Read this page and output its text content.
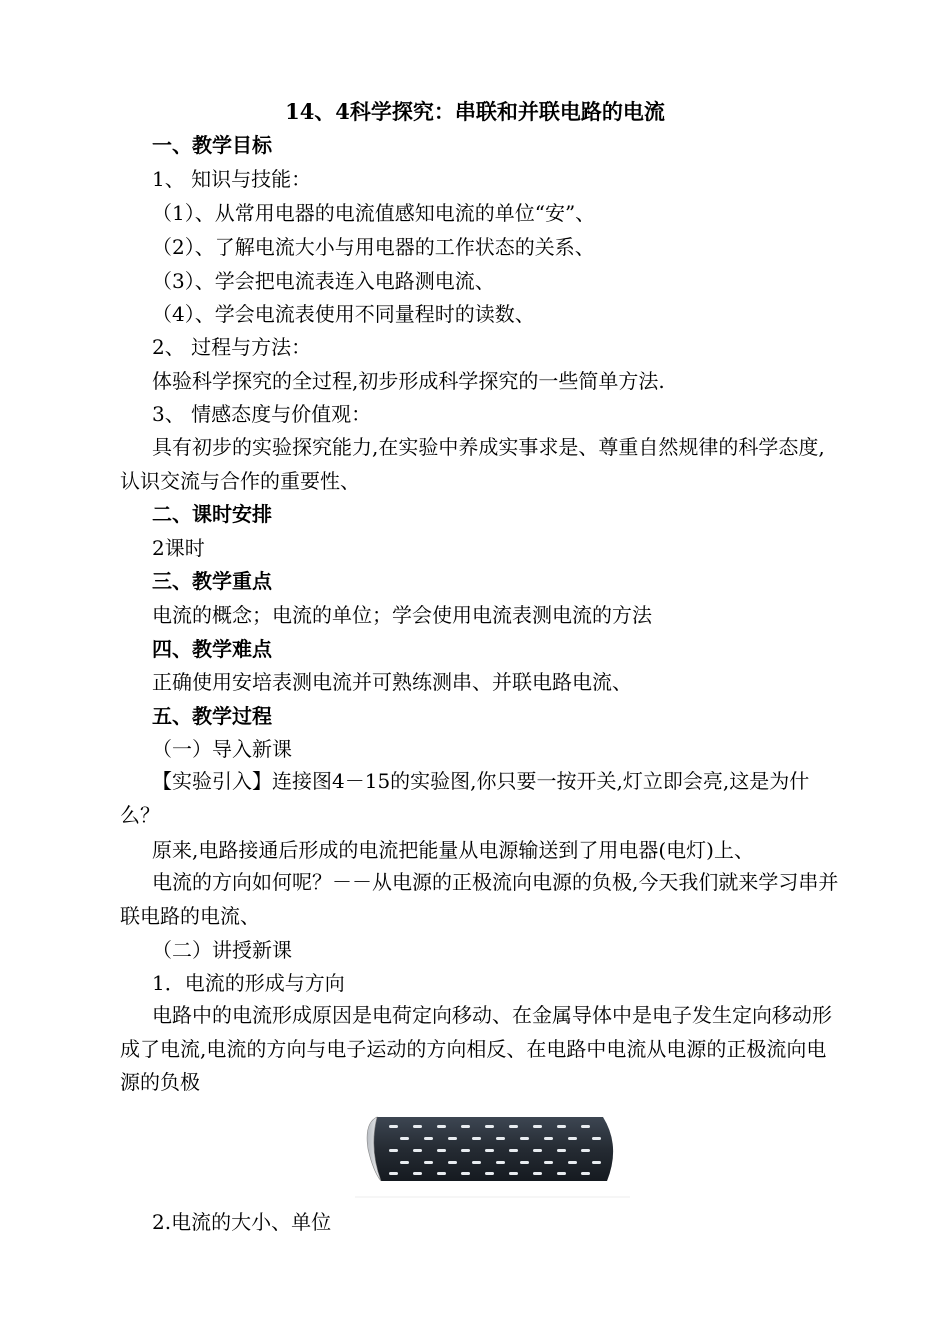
14、4科学探究：串联和并联电路的电流
一、教学目标
1、 知识与技能：
（1）、从常用电器的电流值感知电流的单位“安”、
（2）、了解电流大小与用电器的工作状态的关系、
（3）、学会把电流表连入电路测电流、
（4）、学会电流表使用不同量程时的读数、
2、 过程与方法：
体验科学探究的全过程,初步形成科学探究的一些简单方法.
3、 情感态度与价值观：
具有初步的实验探究能力,在实验中养成实事求是、尊重自然规律的科学态度,认识交流与合作的重要性、
二、课时安排
2课时
三、教学重点
电流的概念；电流的单位；学会使用电流表测电流的方法
四、教学难点
正确使用安培表测电流并可熟练测串、并联电路电流、
五、教学过程
（一）导入新课
【实验引入】连接图4－15的实验图,你只要一按开关,灯立即会亮,这是为什么？
原来,电路接通后形成的电流把能量从电源输送到了用电器(电灯)上、
电流的方向如何呢？－－从电源的正极流向电源的负极,今天我们就来学习串并联电路的电流、
（二）讲授新课
1．电流的形成与方向
电路中的电流形成原因是电荷定向移动、在金属导体中是电子发生定向移动形成了电流,电流的方向与电子运动的方向相反、在电路中电流从电源的正极流向电源的负极
2.电流的大小、单位
